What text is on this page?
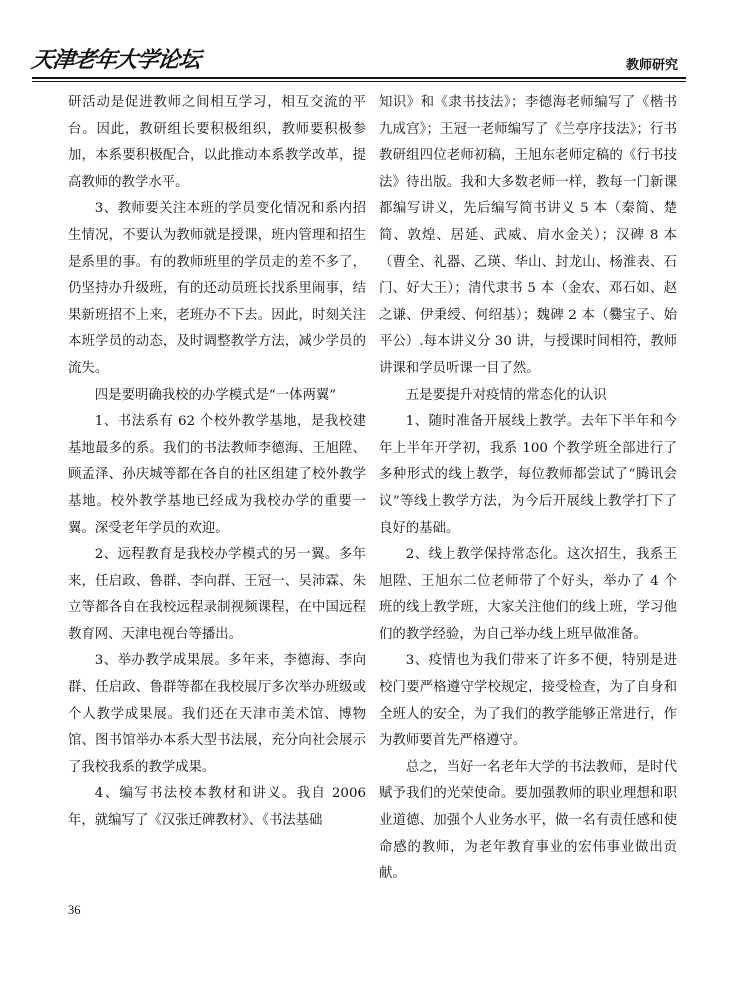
天津老年大学论坛	教师研究

研活动是促进教师之间相互学习，相互交流的平台。因此，教研组长要积极组织，教师要积极参加，本系要积极配合，以此推动本系教学改革，提高教师的教学水平。

3、教师要关注本班的学员变化情况和系内招生情况，不要认为教师就是授课，班内管理和招生是系里的事。有的教师班里的学员走的差不多了，仍坚持办升级班，有的还动员班长找系里闹事，结果新班招不上来，老班办不下去。因此，时刻关注本班学员的动态，及时调整教学方法，减少学员的流失。

四是要明确我校的办学模式是“一体两翼”

1、书法系有 62 个校外教学基地，是我校建基地最多的系。我们的书法教师李德海、王旭陞、顾孟泽、孙庆城等都在各自的社区组建了校外教学基地。校外教学基地已经成为我校办学的重要一翼。深受老年学员的欢迎。

2、远程教育是我校办学模式的另一翼。多年来，任启政、鲁群、李向群、王冠一、吴沛霖、朱立等都各自在我校远程录制视频课程，在中国远程教育网、天津电视台等播出。

3、举办教学成果展。多年来，李德海、李向群、任启政、鲁群等都在我校展厅多次举办班级或个人教学成果展。我们还在天津市美术馆、博物馆、图书馆举办本系大型书法展，充分向社会展示了我校我系的教学成果。

4、编写书法校本教材和讲义。我自 2006 年，就编写了《汉张迁碑教材》、《书法基础

知识》和《隶书技法》；李德海老师编写了《楷书九成宫》；王冠一老师编写了《兰亭序技法》；行书教研组四位老师初稿，王旭东老师定稿的《行书技法》待出版。我和大多数老师一样，教每一门新课都编写讲义，先后编写简书讲义 5 本（秦简、楚简、敦煌、居延、武威、肩水金关）；汉碑 8 本（曹全、礼器、乙瑛、华山、封龙山、杨淮表、石门、好大王）；清代隶书 5 本（金农、邓石如、赵之谦、伊秉绶、何绍基）；魏碑 2 本（爨宝子、始平公）.每本讲义分 30 讲，与授课时间相符，教师讲课和学员听课一目了然。

五是要提升对疫情的常态化的认识

1、随时准备开展线上教学。去年下半年和今年上半年开学初，我系 100 个教学班全部进行了多种形式的线上教学，每位教师都尝试了“腾讯会议”等线上教学方法，为今后开展线上教学打下了良好的基础。

2、线上教学保持常态化。这次招生，我系王旭陞、王旭东二位老师带了个好头，举办了 4 个班的线上教学班，大家关注他们的线上班，学习他们的教学经验，为自己举办线上班早做准备。

3、疫情也为我们带来了许多不便，特别是进校门要严格遵守学校规定，接受检查，为了自身和全班人的安全，为了我们的教学能够正常进行，作为教师要首先严格遵守。

总之，当好一名老年大学的书法教师，是时代赋予我们的光荣使命。要加强教师的职业理想和职业道德、加强个人业务水平，做一名有责任感和使命感的教师，为老年教育事业的宏伟事业做出贡献。

36
